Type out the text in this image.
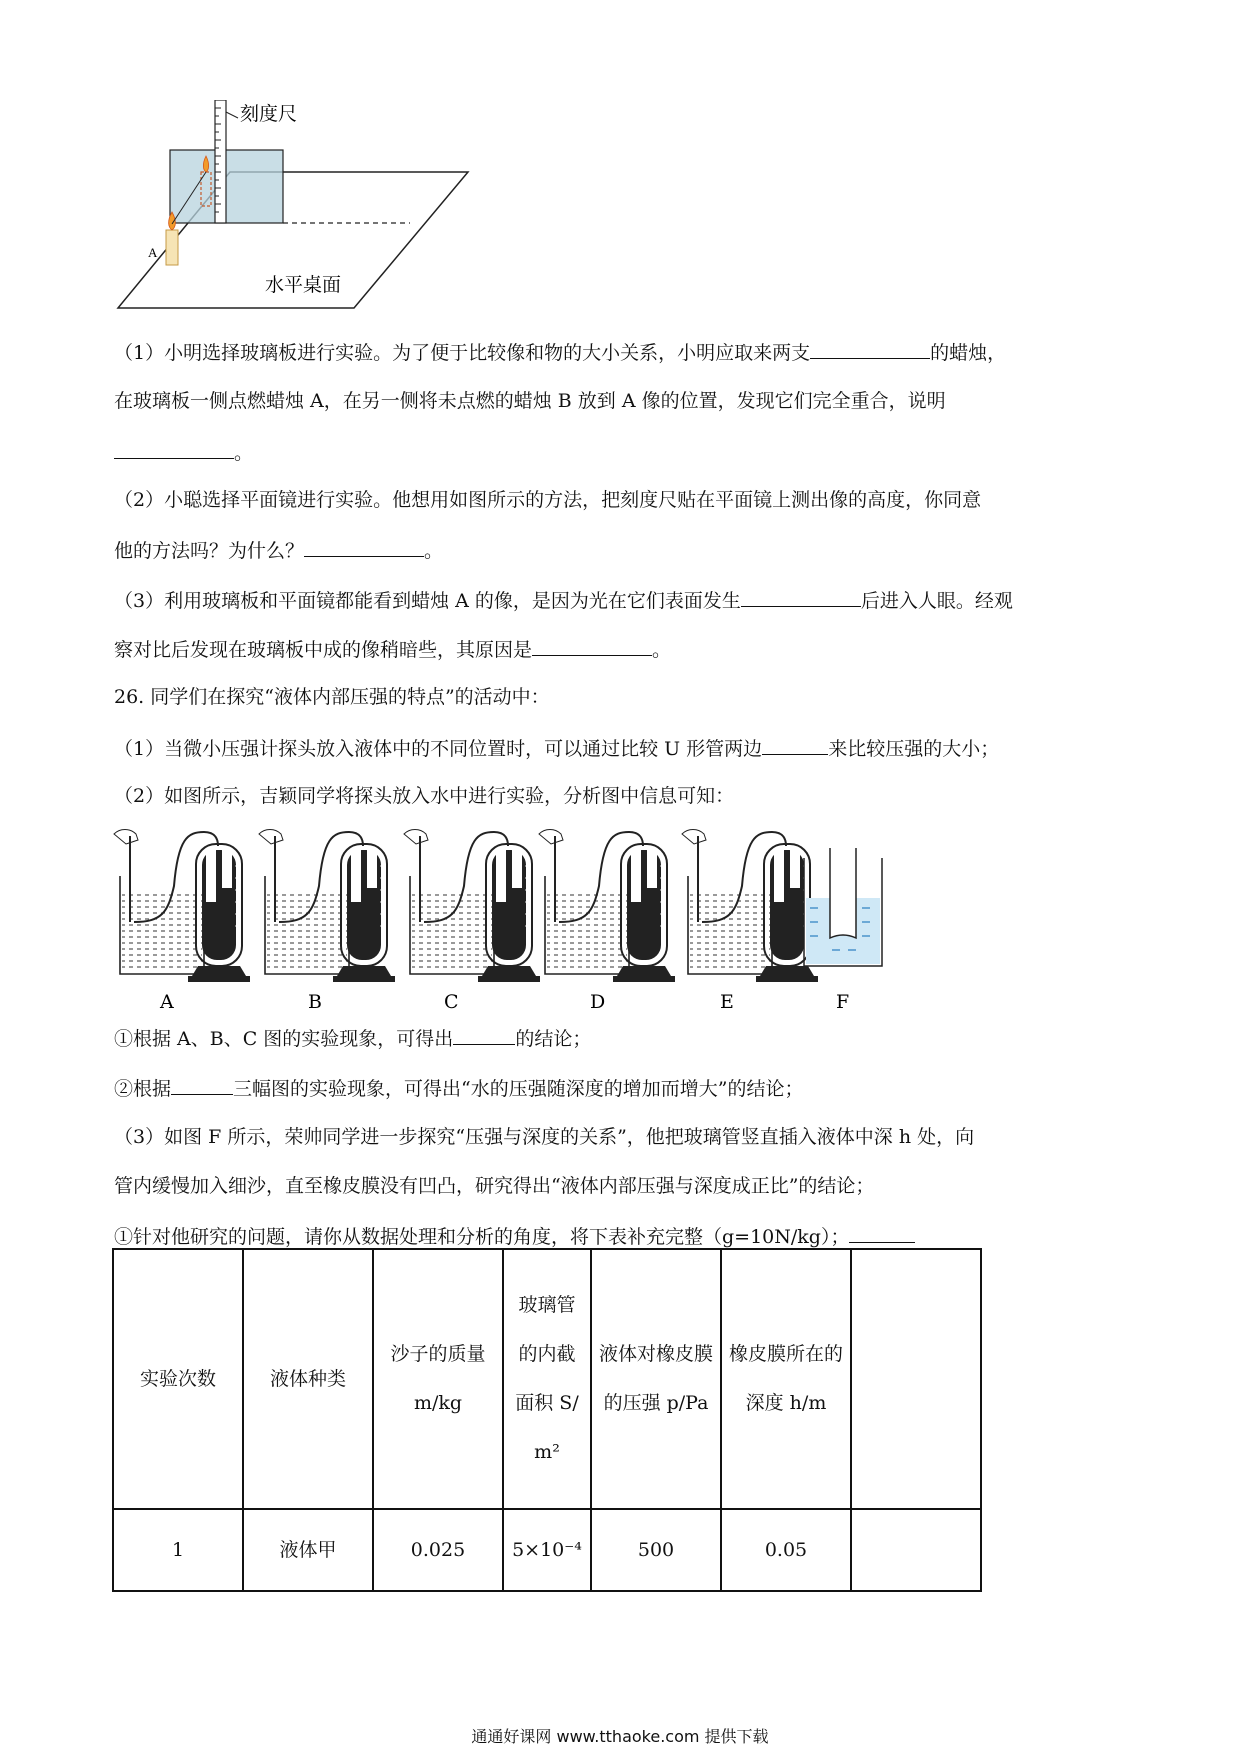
A
刻度尺
水平桌面
（1）小明选择玻璃板进行实验。为了便于比较像和物的大小关系，小明应取来两支	的蜡烛，
在玻璃板一侧点燃蜡烛 A，在另一侧将未点燃的蜡烛 B 放到 A 像的位置，发现它们完全重合，说明
。
（2）小聪选择平面镜进行实验。他想用如图所示的方法，把刻度尺贴在平面镜上测出像的高度，你同意
他的方法吗？为什么？	。
（3）利用玻璃板和平面镜都能看到蜡烛 A 的像，是因为光在它们表面发生	后进入人眼。经观
察对比后发现在玻璃板中成的像稍暗些，其原因是	。
26. 同学们在探究“液体内部压强的特点”的活动中：
（1）当微小压强计探头放入液体中的不同位置时，可以通过比较 U 形管两边	来比较压强的大小；
（2）如图所示，吉颖同学将探头放入水中进行实验，分析图中信息可知：
A	B	C	D	E	F
①根据 A、B、C 图的实验现象，可得出	的结论；
②根据	三幅图的实验现象，可得出“水的压强随深度的增加而增大”的结论；
（3）如图 F 所示，荣帅同学进一步探究“压强与深度的关系”，他把玻璃管竖直插入液体中深 h 处，向
管内缓慢加入细沙，直至橡皮膜没有凹凸，研究得出“液体内部压强与深度成正比”的结论；
①针对他研究的问题，请你从数据处理和分析的角度，将下表补充完整（g=10N/kg）；
实验次数	液体种类	沙子的质量 m/kg	玻璃管的内截面积 S/m²	液体对橡皮膜的压强 p/Pa	橡皮膜所在的深度 h/m	
1	液体甲	0.025	5×10⁻⁴	500	0.05	
通通好课网 www.tthaoke.com 提供下载
